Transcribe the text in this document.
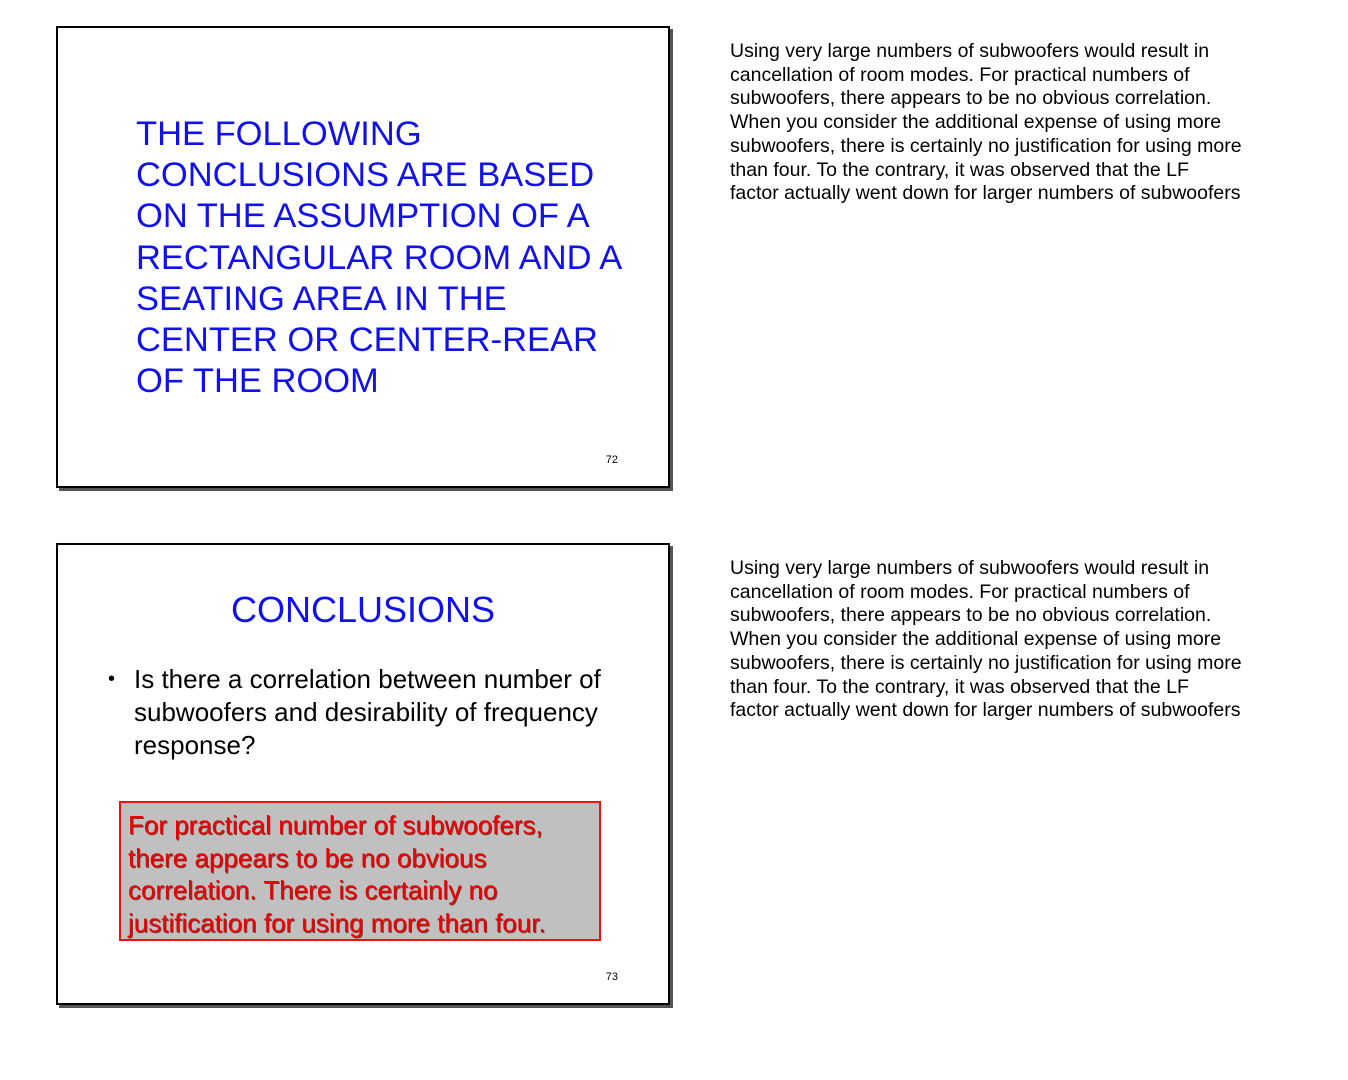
THE FOLLOWING
CONCLUSIONS ARE BASED
ON THE ASSUMPTION OF A
RECTANGULAR ROOM AND A
SEATING AREA IN THE
CENTER OR CENTER-REAR
OF THE ROOM
72

Using very large numbers of subwoofers would result in
cancellation of room modes. For practical numbers of
subwoofers, there appears to be no obvious correlation.
When you consider the additional expense of using more
subwoofers, there is certainly no justification for using more
than four. To the contrary, it was observed that the LF
factor actually went down for larger numbers of subwoofers

CONCLUSIONS
• Is there a correlation between number of subwoofers and desirability of frequency response?

For practical number of subwoofers,
there appears to be no obvious
correlation. There is certainly no
justification for using more than four.

73

Using very large numbers of subwoofers would result in
cancellation of room modes. For practical numbers of
subwoofers, there appears to be no obvious correlation.
When you consider the additional expense of using more
subwoofers, there is certainly no justification for using more
than four. To the contrary, it was observed that the LF
factor actually went down for larger numbers of subwoofers
